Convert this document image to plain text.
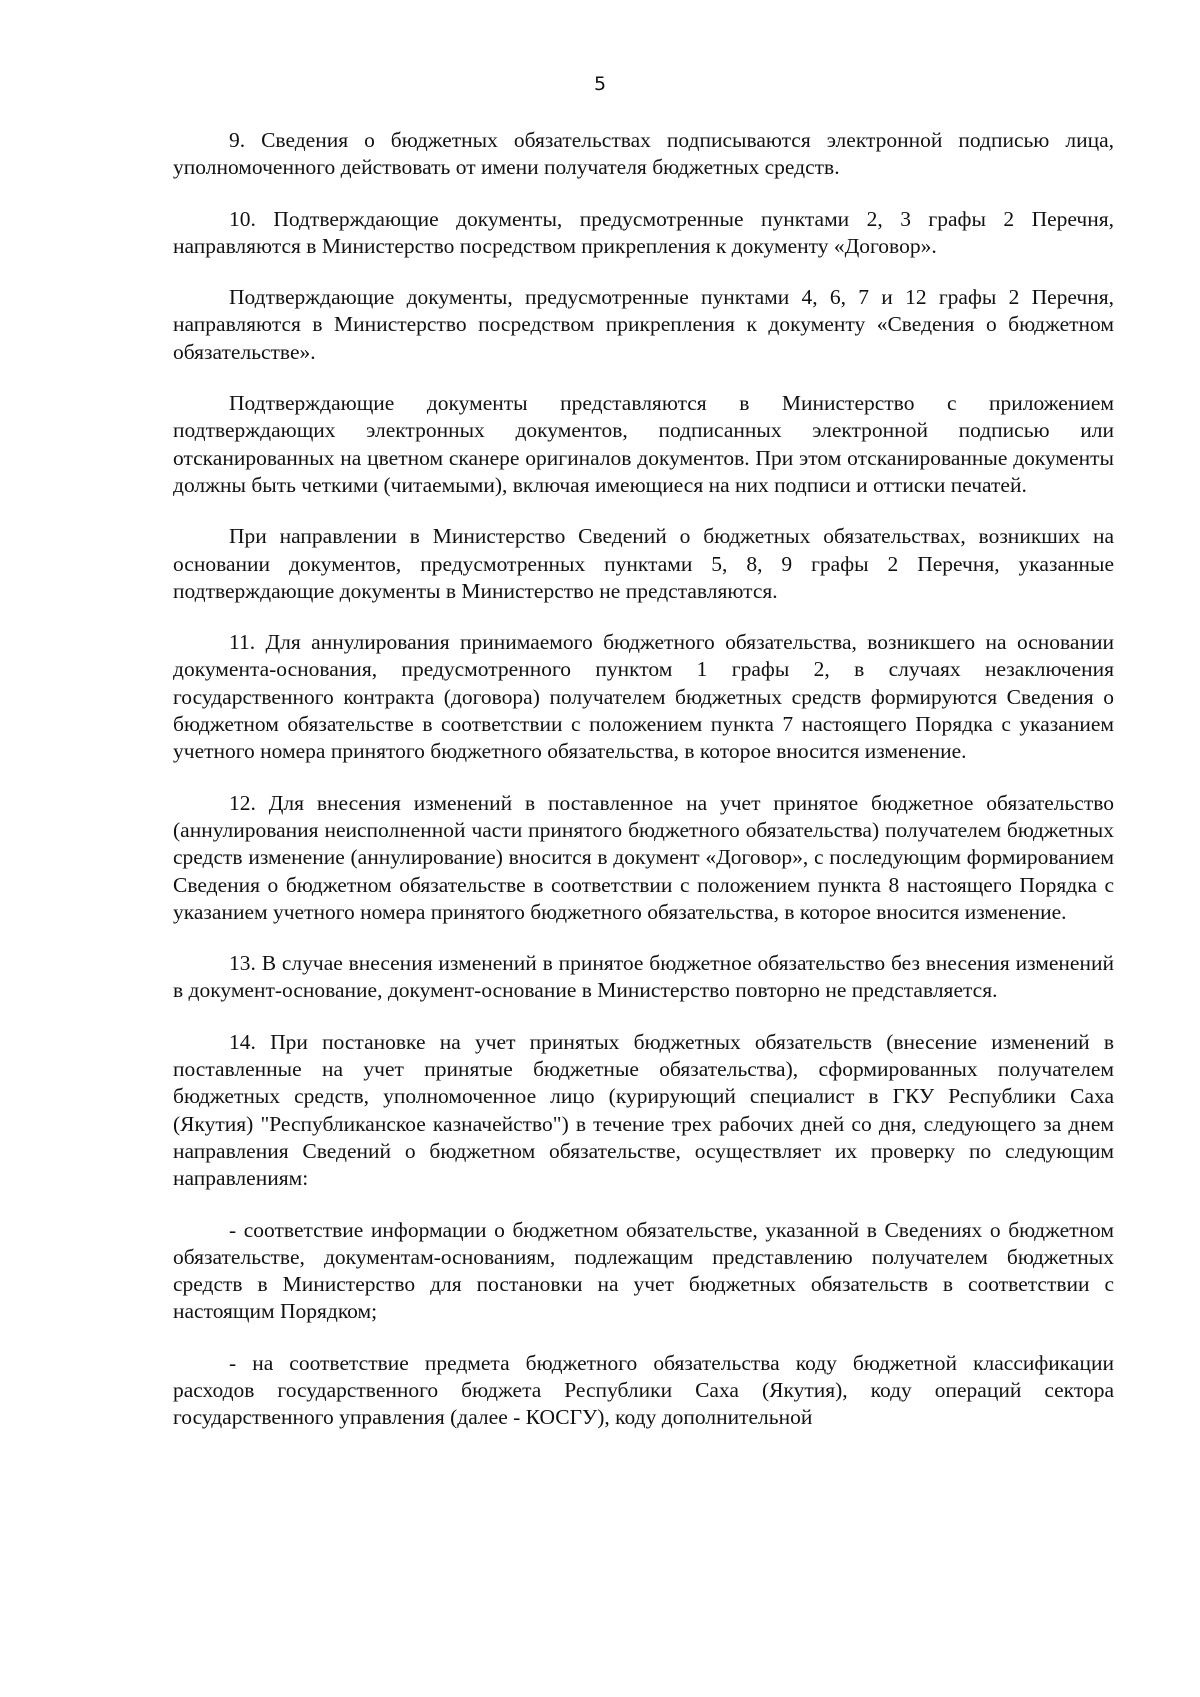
5

9. Сведения о бюджетных обязательствах подписываются электронной подписью лица, уполномоченного действовать от имени получателя бюджетных средств.

10. Подтверждающие документы, предусмотренные пунктами 2, 3 графы 2 Перечня, направляются в Министерство посредством прикрепления к документу «Договор».

Подтверждающие документы, предусмотренные пунктами 4, 6, 7 и 12 графы 2 Перечня, направляются в Министерство посредством прикрепления к документу «Сведения о бюджетном обязательстве».

Подтверждающие документы представляются в Министерство с приложением подтверждающих электронных документов, подписанных электронной подписью или отсканированных на цветном сканере оригиналов документов. При этом отсканированные документы должны быть четкими (читаемыми), включая имеющиеся на них подписи и оттиски печатей.

При направлении в Министерство Сведений о бюджетных обязательствах, возникших на основании документов, предусмотренных пунктами 5, 8, 9 графы 2 Перечня, указанные подтверждающие документы в Министерство не представляются.

11. Для аннулирования принимаемого бюджетного обязательства, возникшего на основании документа-основания, предусмотренного пунктом 1 графы 2, в случаях незаключения государственного контракта (договора) получателем бюджетных средств формируются Сведения о бюджетном обязательстве в соответствии с положением пункта 7 настоящего Порядка с указанием учетного номера принятого бюджетного обязательства, в которое вносится изменение.

12. Для внесения изменений в поставленное на учет принятое бюджетное обязательство (аннулирования неисполненной части принятого бюджетного обязательства) получателем бюджетных средств изменение (аннулирование) вносится в документ «Договор», с последующим формированием Сведения о бюджетном обязательстве в соответствии с положением пункта 8 настоящего Порядка с указанием учетного номера принятого бюджетного обязательства, в которое вносится изменение.

13. В случае внесения изменений в принятое бюджетное обязательство без внесения изменений в документ-основание, документ-основание в Министерство повторно не представляется.

14. При постановке на учет принятых бюджетных обязательств (внесение изменений в поставленные на учет принятые бюджетные обязательства), сформированных получателем бюджетных средств, уполномоченное лицо (курирующий специалист в ГКУ Республики Саха (Якутия) "Республиканское казначейство") в течение трех рабочих дней со дня, следующего за днем направления Сведений о бюджетном обязательстве, осуществляет их проверку по следующим направлениям:

- соответствие информации о бюджетном обязательстве, указанной в Сведениях о бюджетном обязательстве, документам-основаниям, подлежащим представлению получателем бюджетных средств в Министерство для постановки на учет бюджетных обязательств в соответствии с настоящим Порядком;

- на соответствие предмета бюджетного обязательства коду бюджетной классификации расходов государственного бюджета Республики Саха (Якутия), коду операций сектора государственного управления (далее - КОСГУ), коду дополнительной
